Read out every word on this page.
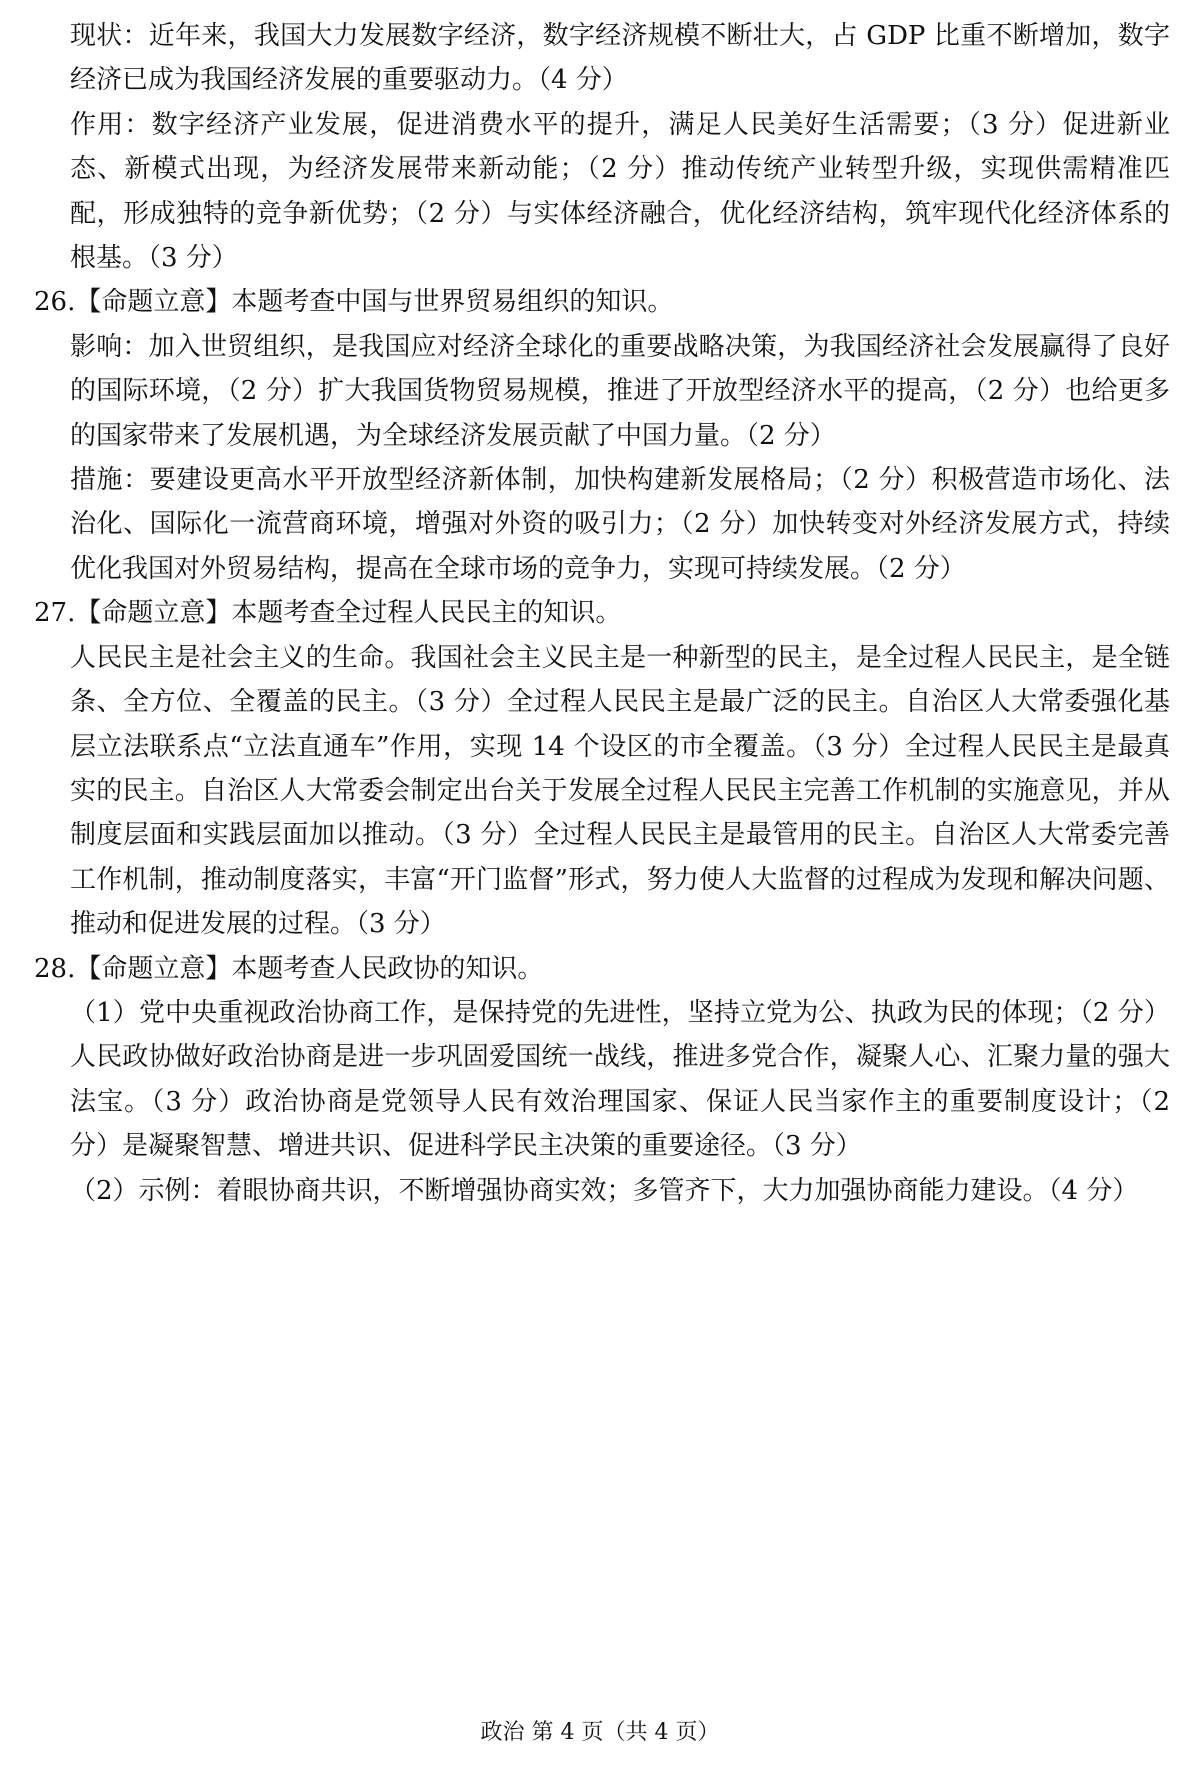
现状：近年来，我国大力发展数字经济，数字经济规模不断壮大，占 GDP 比重不断增加，数字经济已成为我国经济发展的重要驱动力。（4 分）

作用：数字经济产业发展，促进消费水平的提升，满足人民美好生活需要；（3 分）促进新业态、新模式出现，为经济发展带来新动能；（2 分）推动传统产业转型升级，实现供需精准匹配，形成独特的竞争新优势；（2 分）与实体经济融合，优化经济结构，筑牢现代化经济体系的根基。（3 分）

26.【命题立意】本题考查中国与世界贸易组织的知识。

影响：加入世贸组织，是我国应对经济全球化的重要战略决策，为我国经济社会发展赢得了良好的国际环境，（2 分）扩大我国货物贸易规模，推进了开放型经济水平的提高，（2 分）也给更多的国家带来了发展机遇，为全球经济发展贡献了中国力量。（2 分）

措施：要建设更高水平开放型经济新体制，加快构建新发展格局；（2 分）积极营造市场化、法治化、国际化一流营商环境，增强对外资的吸引力；（2 分）加快转变对外经济发展方式，持续优化我国对外贸易结构，提高在全球市场的竞争力，实现可持续发展。（2 分）

27.【命题立意】本题考查全过程人民民主的知识。

人民民主是社会主义的生命。我国社会主义民主是一种新型的民主，是全过程人民民主，是全链条、全方位、全覆盖的民主。（3 分）全过程人民民主是最广泛的民主。自治区人大常委强化基层立法联系点“立法直通车”作用，实现 14 个设区的市全覆盖。（3 分）全过程人民民主是最真实的民主。自治区人大常委会制定出台关于发展全过程人民民主完善工作机制的实施意见，并从制度层面和实践层面加以推动。（3 分）全过程人民民主是最管用的民主。自治区人大常委完善工作机制，推动制度落实，丰富“开门监督”形式，努力使人大监督的过程成为发现和解决问题、推动和促进发展的过程。（3 分）

28.【命题立意】本题考查人民政协的知识。

（1）党中央重视政治协商工作，是保持党的先进性，坚持立党为公、执政为民的体现；（2 分）人民政协做好政治协商是进一步巩固爱国统一战线，推进多党合作，凝聚人心、汇聚力量的强大法宝。（3 分）政治协商是党领导人民有效治理国家、保证人民当家作主的重要制度设计；（2 分）是凝聚智慧、增进共识、促进科学民主决策的重要途径。（3 分）

（2）示例：着眼协商共识，不断增强协商实效；多管齐下，大力加强协商能力建设。（4 分）

政治 第 4 页（共 4 页）
